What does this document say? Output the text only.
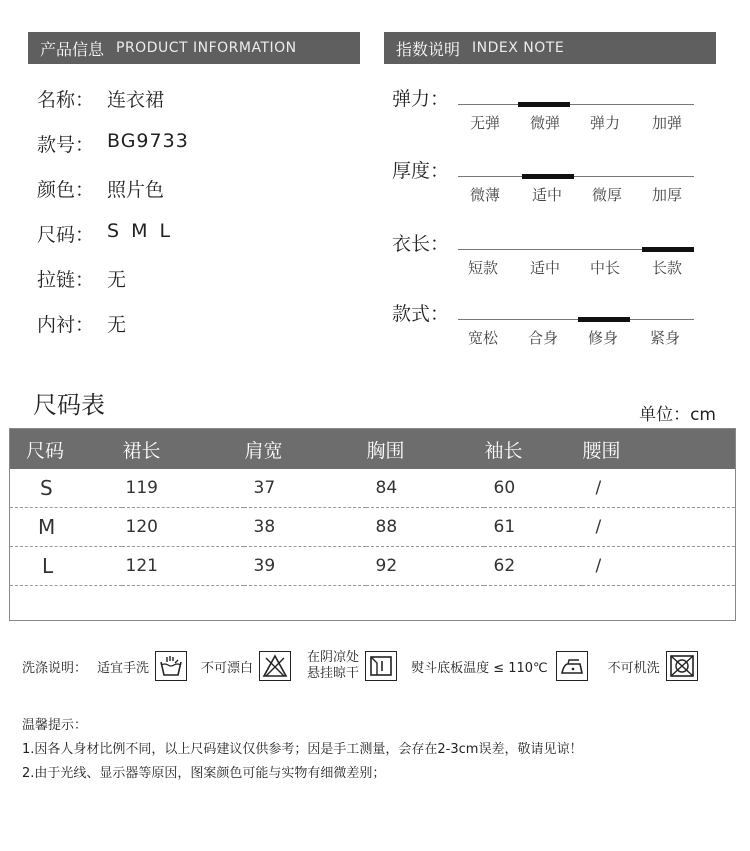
产品信息 PRODUCT INFORMATION	指数说明 INDEX NOTE
名称： 连衣裙
款号： BG9733
颜色： 照片色
尺码： S M L
拉链： 无
内衬： 无
弹力：
无弹	微弹	弹力	加弹
厚度：
微薄	适中	微厚	加厚
衣长：
短款	适中	中长	长款
款式：
宽松	合身	修身	紧身
尺码表	单位：cm
尺码	裙长	肩宽	胸围	袖长	腰围
S	119	37	84	60	/
M	120	38	88	61	/
L	121	39	92	62	/

洗涤说明： 适宜手洗	不可漂白
在阴凉处
悬挂晾干	熨斗底板温度 ≤ 110℃	不可机洗
温馨提示：
1.因各人身材比例不同，以上尺码建议仅供参考；因是手工测量，会存在2-3cm误差，敬请见谅！
2.由于光线、显示器等原因，图案颜色可能与实物有细微差别；
